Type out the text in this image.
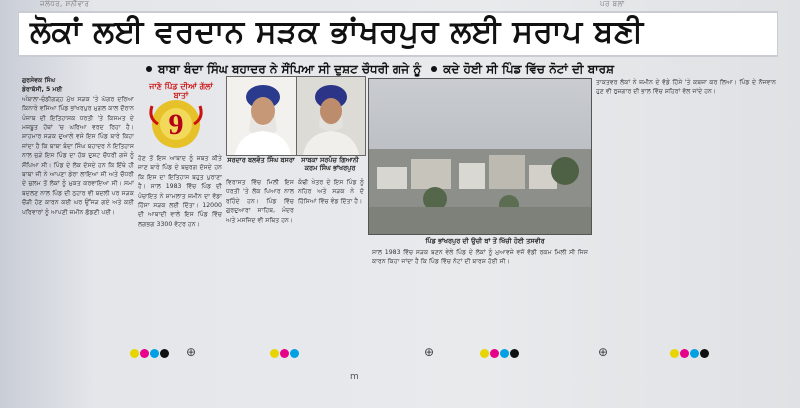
ਜਲੰਧਰ, ਸ਼ਨੀਵਾਰ	ਪਰ ਬਲਾਂ
ਲੋਕਾਂ ਲਈ ਵਰਦਾਨ ਸੜਕ ਭਾਂਖਰਪੁਰ ਲਈ ਸਰਾਪ ਬਣੀ
ਬਾਬਾ ਬੰਦਾ ਸਿੰਘ ਬਹਾਦਰ ਨੇ ਸੌਂਪਿਆ ਸੀ ਦੁਸ਼ਟ ਚੌਧਰੀ ਗਜੇ ਨੂੰ ਕਦੇ ਹੋਈ ਸੀ ਪਿੰਡ ਵਿੱਚ ਨੋਟਾਂ ਦੀ ਬਾਰਸ਼

ਗੁਰਸੇਵਕ ਸਿੰਘ

ਡੇਰਾਬੱਸੀ, 5 ਮਈ

ਅੰਬਾਲਾ-ਚੰਡੀਗੜ੍ਹ ਮੁੱਖ ਸੜਕ 'ਤੇ ਘੱਗਰ ਦਰਿਆ ਕਿਨਾਰੇ ਵਸਿਆ ਪਿੰਡ ਭਾਂਖਰਪੁਰ ਮੁਗਲ ਕਾਲ ਦੌਰਾਨ ਪੰਜਾਬ ਦੀ ਇਤਿਹਾਸਕ ਧਰਤੀ 'ਤੇ ਕਿਸਮਤ ਦੇ ਮਜ਼ਬੂਤ ਹੱਥਾਂ 'ਚ ਘਰਿਆ ਵਰਦ ਰਿਹਾ ਹੈ। ਸ਼ਾਹਮਾਰ ਸੜਕ ਦੁਆਲੇ ਵਸੇ ਇਸ ਪਿੰਡ ਬਾਰੇ ਕਿਹਾ ਜਾਂਦਾ ਹੈ ਕਿ ਬਾਬਾ ਬੰਦਾ ਸਿੰਘ ਬਹਾਦਰ ਨੇ ਇਤਿਹਾਸ ਨਾਲ ਜੁੜੇ ਇਸ ਪਿੰਡ ਦਾ ਹੱਕ ਦੁਸ਼ਟ ਚੌਧਰੀ ਗਜੇ ਨੂੰ ਸੌਂਪਿਆ ਸੀ। ਪਿੰਡ ਦੇ ਲੋਕ ਦੱਸਦੇ ਹਨ ਕਿ ਇੱਥੇ ਹੀ ਬਾਬਾ ਜੀ ਨੇ ਆਪਣਾ ਡੇਰਾ ਲਾਇਆ ਸੀ ਅਤੇ ਚੌਧਰੀ ਦੇ ਜ਼ੁਲਮ ਤੋਂ ਲੋਕਾਂ ਨੂੰ ਮੁਕਤ ਕਰਵਾਇਆ ਸੀ। ਸਮਾਂ ਬਦਲਣ ਨਾਲ ਪਿੰਡ ਦੀ ਨੁਹਾਰ ਵੀ ਬਦਲੀ ਪਰ ਸੜਕ ਚੌੜੀ ਹੋਣ ਕਾਰਨ ਕਈ ਘਰ ਉੱਜੜ ਗਏ ਅਤੇ ਕਈ ਪਰਿਵਾਰਾਂ ਨੂੰ ਆਪਣੀ ਜ਼ਮੀਨ ਛੱਡਣੀ ਪਈ।

9
ਜਾਣੋ ਪਿੰਡ ਦੀਆਂ ਗੱਲਾਂ ਬਾਤਾਂ
ਸਰਦਾਰ ਬਲਵੰਤ ਸਿੰਘ ਬਸਰਾ ਸਾਬਕਾ ਸਰਪੰਚ ਗਿਆਨੀ ਕਰਮ ਸਿੰਘ ਭਾਂਖਰਪੁਰ

ਹੋਣ ਤੋਂ ਇਸ ਆਬਾਦ ਨੂੰ ਜ਼ਬਤ ਕੀਤੇ ਜਾਣ ਬਾਰੇ ਪਿੰਡ ਦੇ ਬਜ਼ੁਰਗ ਦੱਸਦੇ ਹਨ ਕਿ ਇਸ ਦਾ ਇਤਿਹਾਸ ਬਹੁਤ ਪੁਰਾਣਾ ਹੈ। ਸਾਲ 1983 ਵਿੱਚ ਪਿੰਡ ਦੀ ਪੰਚਾਇਤ ਨੇ ਸ਼ਾਮਲਾਤ ਜ਼ਮੀਨ ਦਾ ਵੱਡਾ ਹਿੱਸਾ ਸੜਕ ਲਈ ਦਿੱਤਾ। 12000 ਦੀ ਆਬਾਦੀ ਵਾਲੇ ਇਸ ਪਿੰਡ ਵਿੱਚ ਲਗਭਗ 3300 ਵੋਟਰ ਹਨ।

ਵਿਰਾਸਤ ਵਿੱਚ ਮਿਲੀ ਇਸ ਧਰਤੀ 'ਤੇ ਲੋਕ ਪਿਆਰ ਨਾਲ ਰਹਿੰਦੇ ਹਨ। ਪਿੰਡ ਵਿੱਚ ਗੁਰਦੁਆਰਾ ਸਾਹਿਬ, ਮੰਦਰ ਅਤੇ ਮਸਜਿਦ ਵੀ ਸਥਿਤ ਹਨ।

ਕੰਢੀ ਖੇਤਰ ਦੇ ਇਸ ਪਿੰਡ ਨੂੰ ਨਹਿਰ ਅਤੇ ਸੜਕ ਨੇ ਦੋ ਹਿੱਸਿਆਂ ਵਿੱਚ ਵੰਡ ਦਿੱਤਾ ਹੈ।

ਪਿੰਡ ਭਾਂਖਰਪੁਰ ਦੀ ਉਚੀ ਥਾਂ ਤੋਂ ਖਿੱਚੀ ਹੋਈ ਤਸਵੀਰ

ਸਾਲ 1983 ਵਿੱਚ ਸੜਕ ਬਣਨ ਵੇਲੇ ਪਿੰਡ ਦੇ ਲੋਕਾਂ ਨੂੰ ਮੁਆਵਜ਼ੇ ਵਜੋਂ ਵੱਡੀ ਰਕਮ ਮਿਲੀ ਸੀ ਜਿਸ ਕਾਰਨ ਕਿਹਾ ਜਾਂਦਾ ਹੈ ਕਿ ਪਿੰਡ ਵਿੱਚ ਨੋਟਾਂ ਦੀ ਬਾਰਸ਼ ਹੋਈ ਸੀ।

ਤਾਕਤਵਰ ਲੋਕਾਂ ਨੇ ਜ਼ਮੀਨ ਦੇ ਵੱਡੇ ਹਿੱਸੇ 'ਤੇ ਕਬਜ਼ਾ ਕਰ ਲਿਆ। ਪਿੰਡ ਦੇ ਨੌਜਵਾਨ ਹੁਣ ਵੀ ਰੁਜ਼ਗਾਰ ਦੀ ਭਾਲ ਵਿੱਚ ਸ਼ਹਿਰਾਂ ਵੱਲ ਜਾਂਦੇ ਹਨ।

⊕	⊕	⊕
m
